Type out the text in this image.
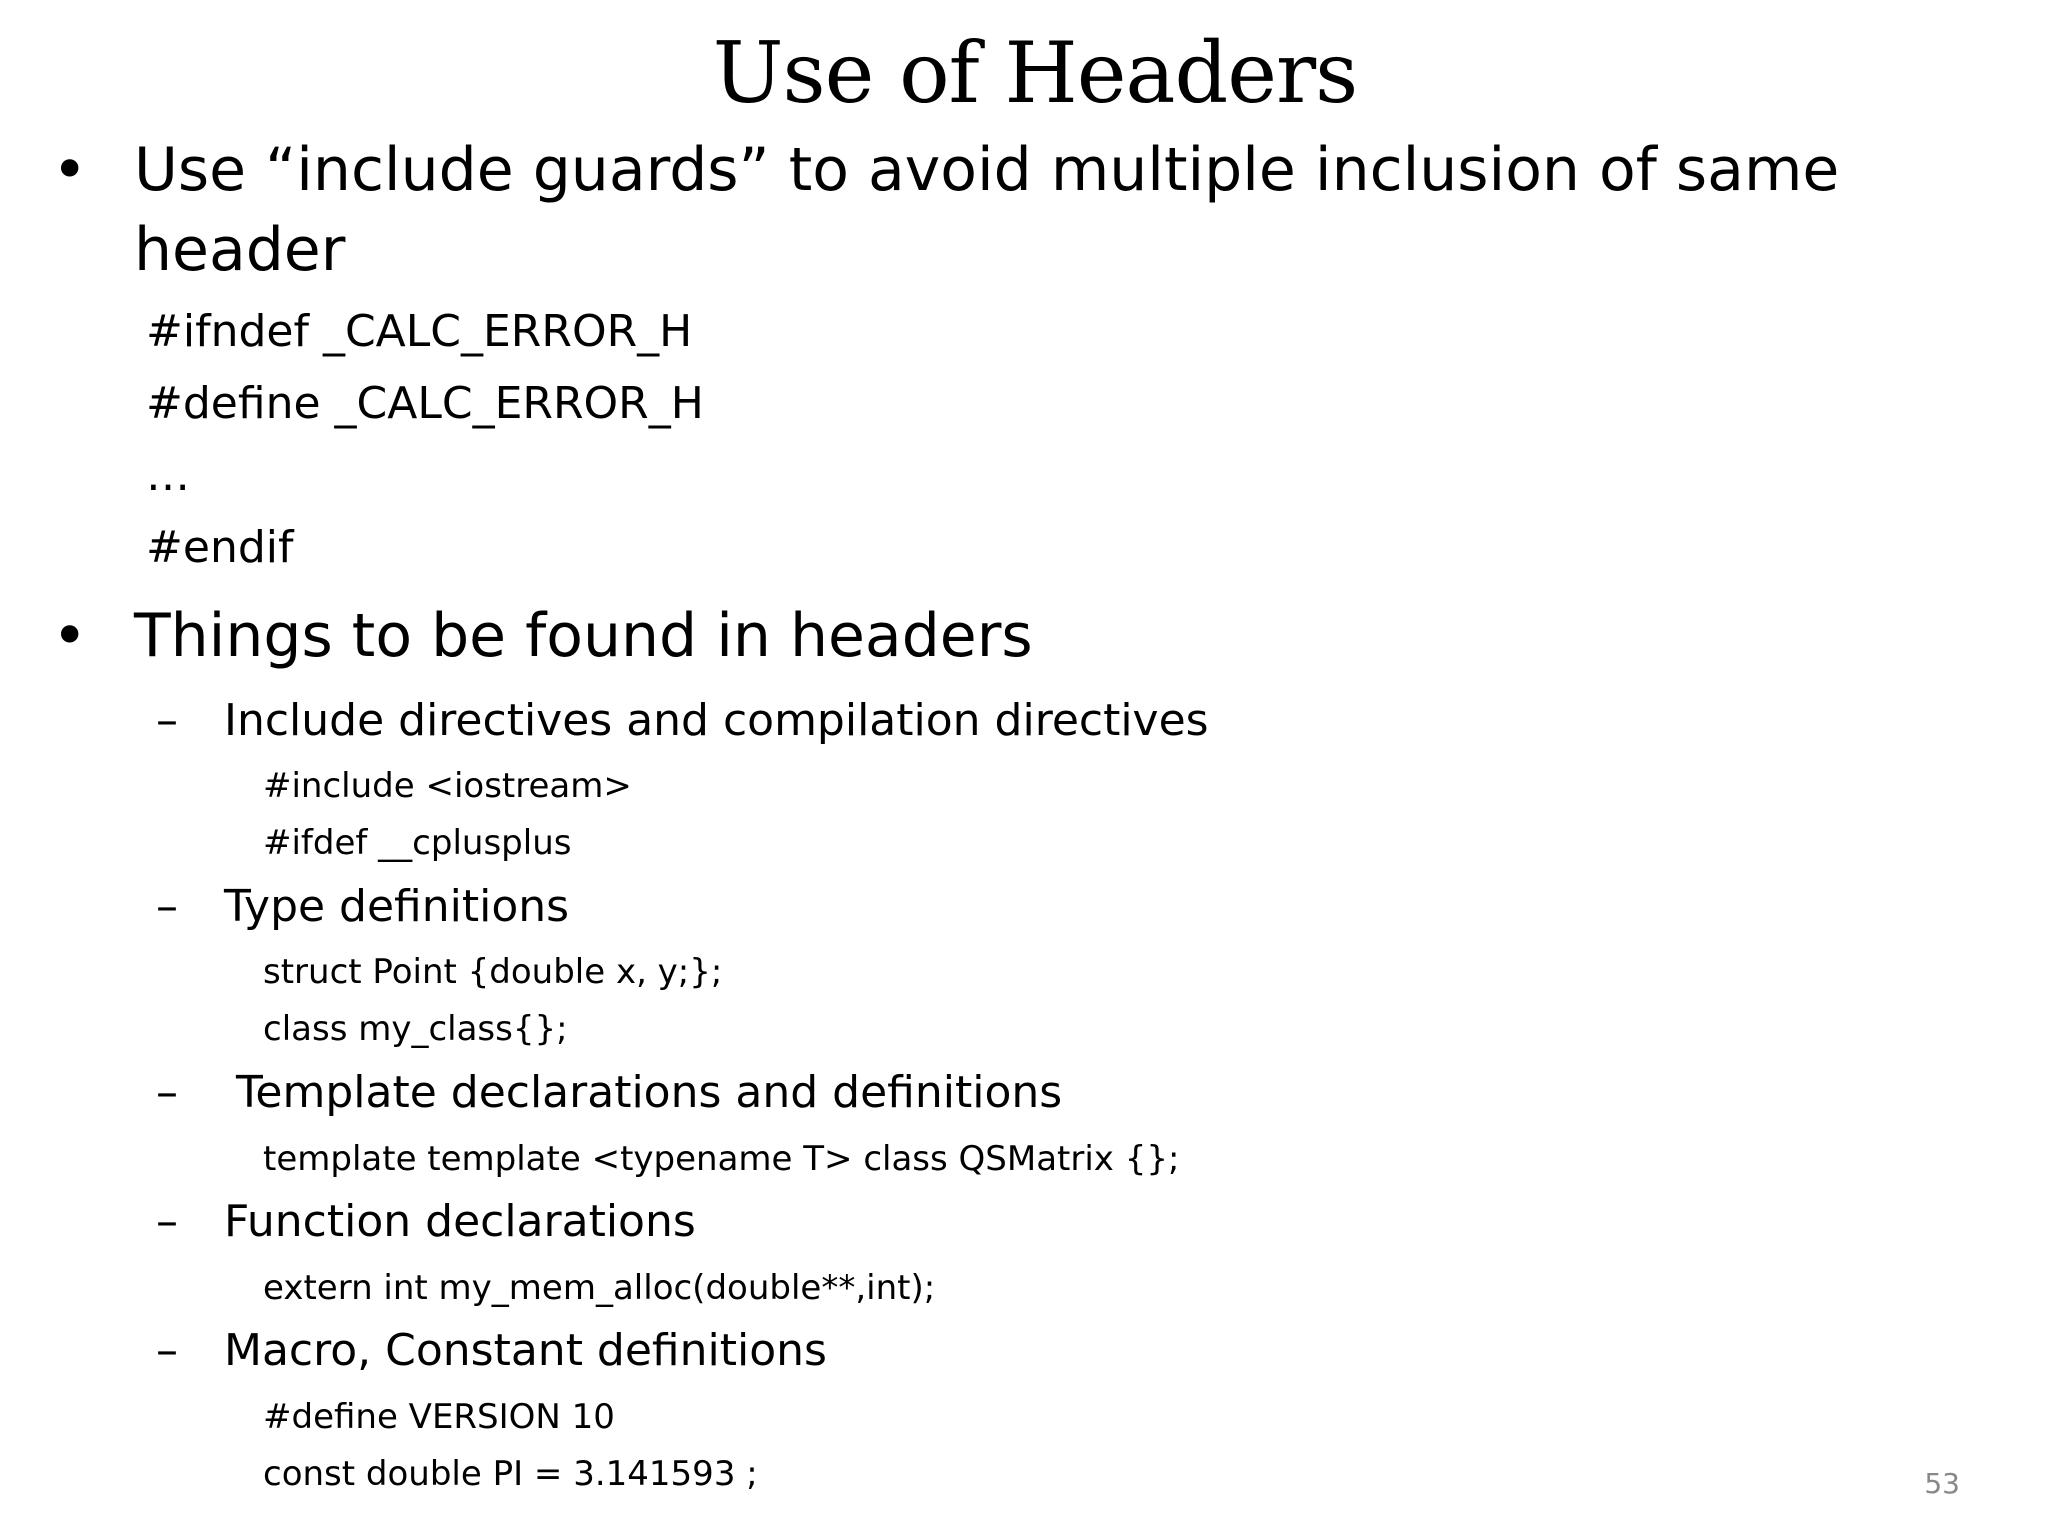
Use of Headers
• Use “include guards” to avoid multiple inclusion of same
header
#ifndef _CALC_ERROR_H
#define _CALC_ERROR_H
…
#endif
• Things to be found in headers
– Include directives and compilation directives
#include <iostream>
#ifdef __cplusplus
– Type definitions
struct Point {double x, y;};
class my_class{};
– Template declarations and definitions
template template <typename T> class QSMatrix {};
– Function declarations
extern int my_mem_alloc(double**,int);
– Macro, Constant definitions
#define VERSION 10
const double PI = 3.141593 ;	53
